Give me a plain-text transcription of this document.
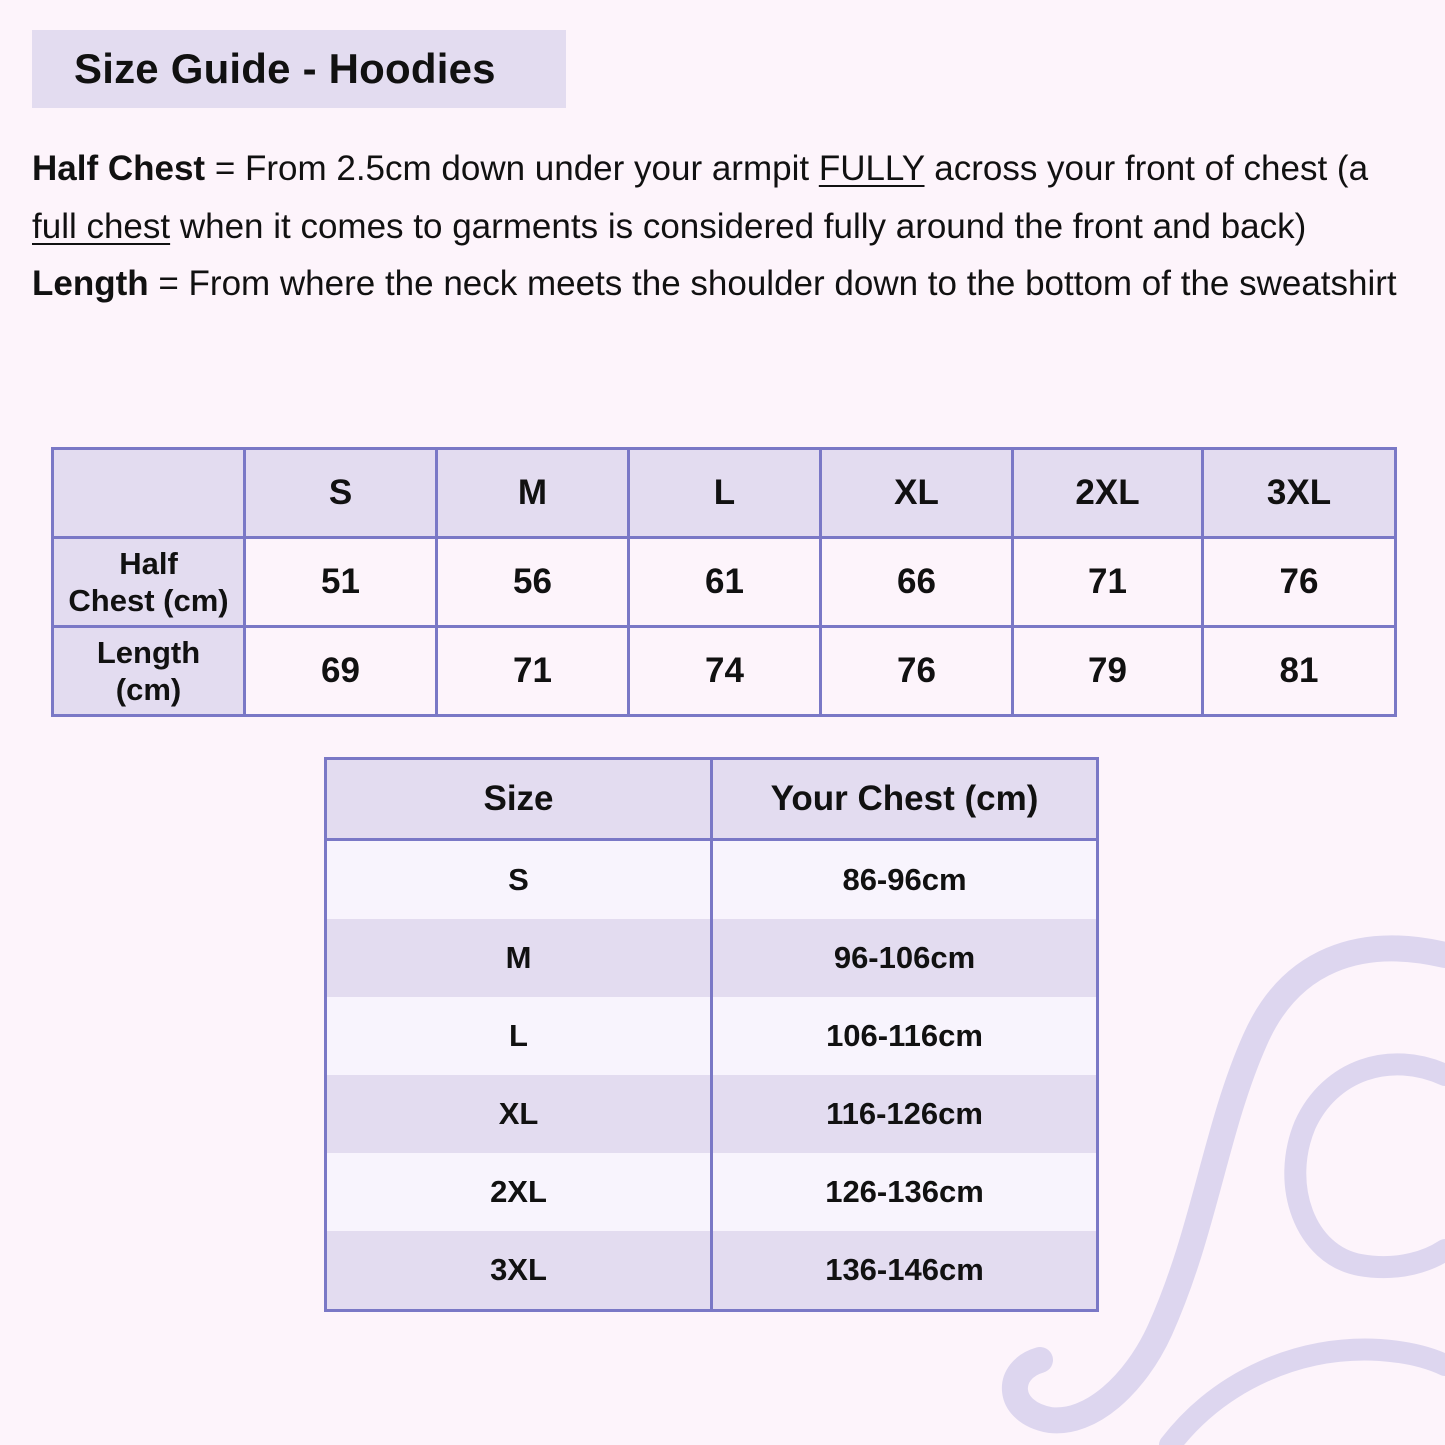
Size Guide - Hoodies

Half Chest = From 2.5cm down under your armpit FULLY across your front of chest (a full chest when it comes to garments is considered fully around the front and back)
Length = From where the neck meets the shoulder down to the bottom of the sweatshirt

	S	M	L	XL	2XL	3XL
Half
Chest (cm)	51	56	61	66	71	76
Length
(cm)	69	71	74	76	79	81
Size	Your Chest (cm)
S	86-96cm
M	96-106cm
L	106-116cm
XL	116-126cm
2XL	126-136cm
3XL	136-146cm
